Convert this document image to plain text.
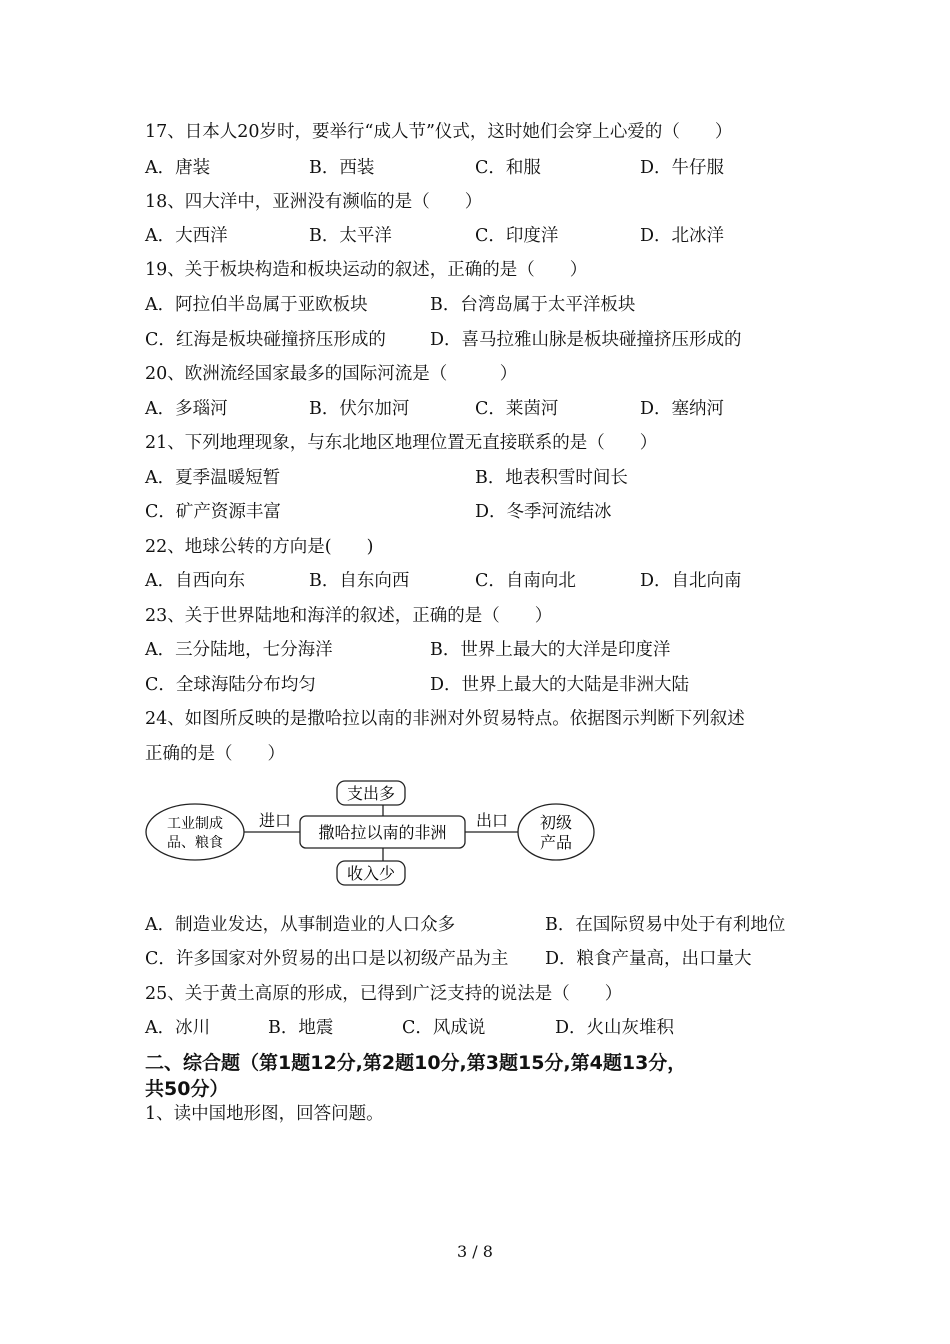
17、日本人20岁时，要举行“成人节”仪式，这时她们会穿上心爱的（　　）
A．唐装	B．西装	C．和服	D．牛仔服
18、四大洋中，亚洲没有濒临的是（　　）
A．大西洋	B．太平洋	C．印度洋	D．北冰洋
19、关于板块构造和板块运动的叙述，正确的是（　　）
A．阿拉伯半岛属于亚欧板块	B．台湾岛属于太平洋板块
C．红海是板块碰撞挤压形成的	D．喜马拉雅山脉是板块碰撞挤压形成的
20、欧洲流经国家最多的国际河流是（　　　）
A．多瑙河	B．伏尔加河	C．莱茵河	D．塞纳河
21、下列地理现象，与东北地区地理位置无直接联系的是（　　）
A．夏季温暖短暂	B．地表积雪时间长
C．矿产资源丰富	D．冬季河流结冰
22、地球公转的方向是(　　)
A．自西向东	B．自东向西	C．自南向北	D．自北向南
23、关于世界陆地和海洋的叙述，正确的是（　　）
A．三分陆地，七分海洋	B．世界上最大的大洋是印度洋
C．全球海陆分布均匀	D．世界上最大的大陆是非洲大陆
24、如图所反映的是撒哈拉以南的非洲对外贸易特点。依据图示判断下列叙述
正确的是（　　）
支出多
撒哈拉以南的非洲
收入少
工业制成
品、粮食
进口	初级
产品
出口
A．制造业发达，从事制造业的人口众多	B．在国际贸易中处于有利地位
C．许多国家对外贸易的出口是以初级产品为主 D．粮食产量高，出口量大
25、关于黄土高原的形成，已得到广泛支持的说法是（　　）
A．冰川	B．地震	C．风成说	D．火山灰堆积
二、综合题（第1题12分,第2题10分,第3题15分,第4题13分，
共50分）
1、读中国地形图，回答问题。
3 / 8
